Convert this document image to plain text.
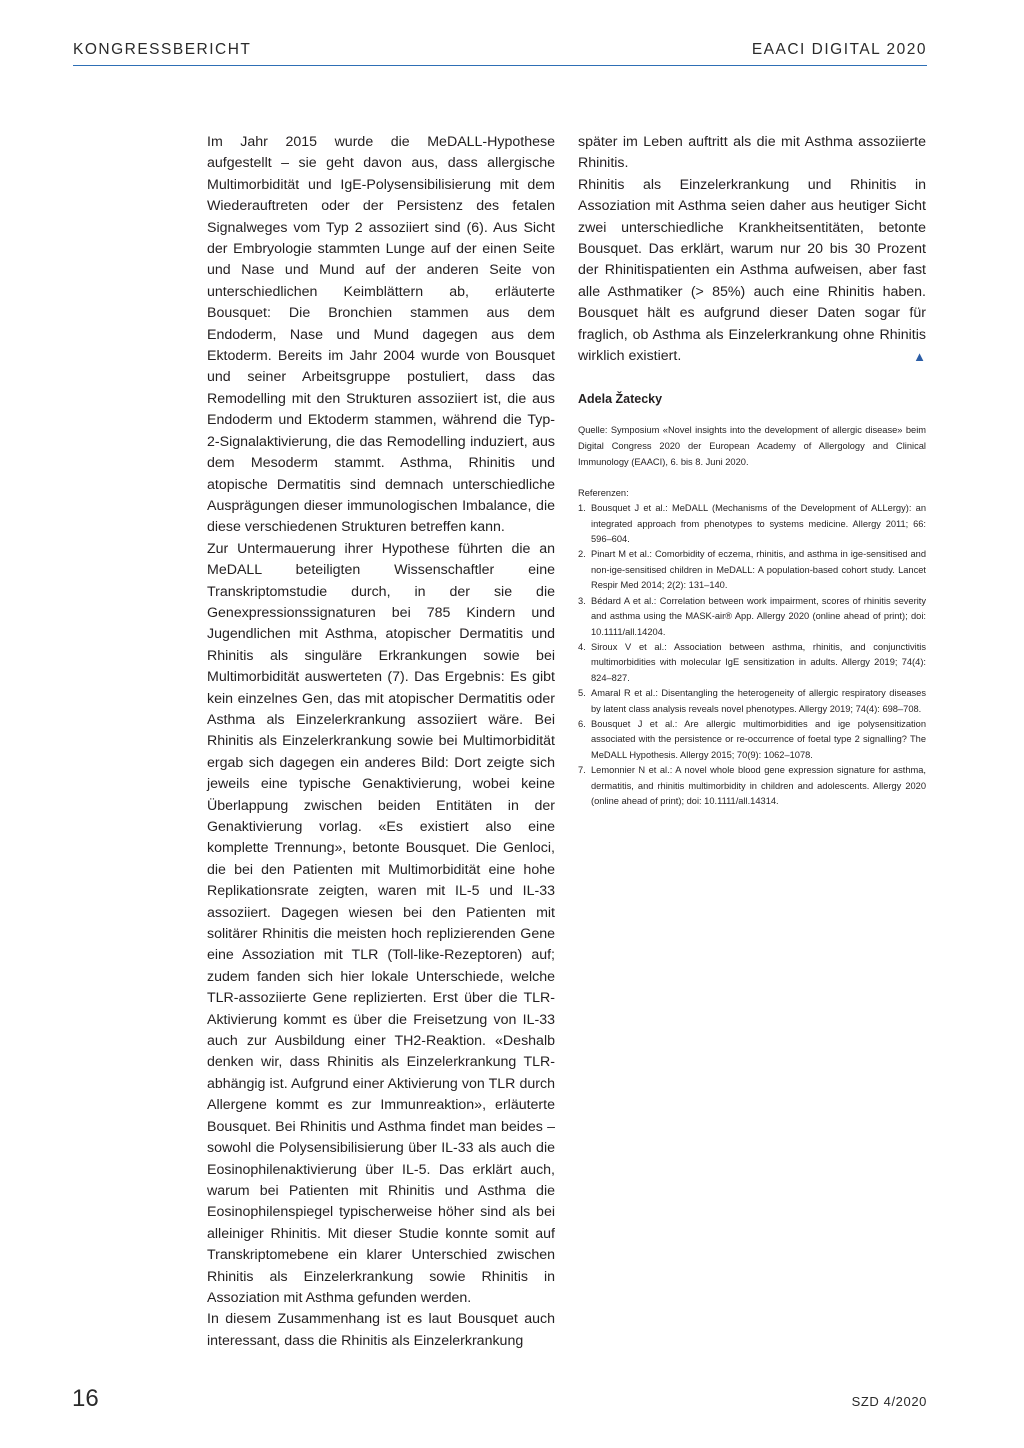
KONGRESSBERICHT	EAACI DIGITAL 2020

Im Jahr 2015 wurde die MeDALL-Hypothese aufgestellt – sie geht davon aus, dass allergische Multimorbidität und IgE-Polysensibilisierung mit dem Wiederauftreten oder der Persistenz des fetalen Signalweges vom Typ 2 assoziiert sind (6). Aus Sicht der Embryologie stammten Lunge auf der einen Seite und Nase und Mund auf der anderen Seite von unterschiedlichen Keimblättern ab, erläuterte Bousquet: Die Bronchien stammen aus dem Endoderm, Nase und Mund dagegen aus dem Ektoderm. Bereits im Jahr 2004 wurde von Bousquet und seiner Arbeitsgruppe postuliert, dass das Remodelling mit den Strukturen assoziiert ist, die aus Endoderm und Ektoderm stammen, während die Typ-2-Signalaktivierung, die das Remodelling induziert, aus dem Mesoderm stammt. Asthma, Rhinitis und atopische Dermatitis sind demnach unterschiedliche Ausprägungen dieser immunologischen Imbalance, die diese verschiedenen Strukturen betreffen kann.

Zur Untermauerung ihrer Hypothese führten die an MeDALL beteiligten Wissenschaftler eine Transkriptomstudie durch, in der sie die Genexpressionssignaturen bei 785 Kindern und Jugendlichen mit Asthma, atopischer Dermatitis und Rhinitis als singuläre Erkrankungen sowie bei Multimorbidität auswerteten (7). Das Ergebnis: Es gibt kein einzelnes Gen, das mit atopischer Dermatitis oder Asthma als Einzelerkrankung assoziiert wäre. Bei Rhinitis als Einzelerkrankung sowie bei Multimorbidität ergab sich dagegen ein anderes Bild: Dort zeigte sich jeweils eine typische Genaktivierung, wobei keine Überlappung zwischen beiden Entitäten in der Genaktivierung vorlag. «Es existiert also eine komplette Trennung», betonte Bousquet. Die Genloci, die bei den Patienten mit Multimorbidität eine hohe Replikationsrate zeigten, waren mit IL-5 und IL-33 assoziiert. Dagegen wiesen bei den Patienten mit solitärer Rhinitis die meisten hoch replizierenden Gene eine Assoziation mit TLR (Toll-like-Rezeptoren) auf; zudem fanden sich hier lokale Unterschiede, welche TLR-assoziierte Gene replizierten. Erst über die TLR-Aktivierung kommt es über die Freisetzung von IL-33 auch zur Ausbildung einer TH2-Reaktion. «Deshalb denken wir, dass Rhinitis als Einzelerkrankung TLR-abhängig ist. Aufgrund einer Aktivierung von TLR durch Allergene kommt es zur Immunreaktion», erläuterte Bousquet. Bei Rhinitis und Asthma findet man beides – sowohl die Polysensibilisierung über IL-33 als auch die Eosinophilenaktivierung über IL-5. Das erklärt auch, warum bei Patienten mit Rhinitis und Asthma die Eosinophilenspiegel typischerweise höher sind als bei alleiniger Rhinitis. Mit dieser Studie konnte somit auf Transkriptomebene ein klarer Unterschied zwischen Rhinitis als Einzelerkrankung sowie Rhinitis in Assoziation mit Asthma gefunden werden.

In diesem Zusammenhang ist es laut Bousquet auch interessant, dass die Rhinitis als Einzelerkrankung

später im Leben auftritt als die mit Asthma assoziierte Rhinitis.

Rhinitis als Einzelerkrankung und Rhinitis in Assoziation mit Asthma seien daher aus heutiger Sicht zwei unterschiedliche Krankheitsentitäten, betonte Bousquet. Das erklärt, warum nur 20 bis 30 Prozent der Rhinitispatienten ein Asthma aufweisen, aber fast alle Asthmatiker (> 85%) auch eine Rhinitis haben. Bousquet hält es aufgrund dieser Daten sogar für fraglich, ob Asthma als Einzelerkrankung ohne Rhinitis wirklich existiert.	▲

Adela Žatecky
Quelle: Symposium «Novel insights into the development of allergic disease» beim Digital Congress 2020 der European Academy of Allergology and Clinical Immunology (EAACI), 6. bis 8. Juni 2020.
Referenzen:
1. Bousquet J et al.: MeDALL (Mechanisms of the Development of ALLergy): an integrated approach from phenotypes to systems medicine. Allergy 2011; 66: 596–604.
2. Pinart M et al.: Comorbidity of eczema, rhinitis, and asthma in ige-sensitised and non-ige-sensitised children in MeDALL: A population-based cohort study. Lancet Respir Med 2014; 2(2): 131–140.
3. Bédard A et al.: Correlation between work impairment, scores of rhinitis severity and asthma using the MASK-air® App. Allergy 2020 (online ahead of print); doi: 10.1111/all.14204.
4. Siroux V et al.: Association between asthma, rhinitis, and conjunctivitis multimorbidities with molecular IgE sensitization in adults. Allergy 2019; 74(4): 824–827.
5. Amaral R et al.: Disentangling the heterogeneity of allergic respiratory diseases by latent class analysis reveals novel phenotypes. Allergy 2019; 74(4): 698–708.
6. Bousquet J et al.: Are allergic multimorbidities and ige polysensitization associated with the persistence or re-occurrence of foetal type 2 signalling? The MeDALL Hypothesis. Allergy 2015; 70(9): 1062–1078.
7. Lemonnier N et al.: A novel whole blood gene expression signature for asthma, dermatitis, and rhinitis multimorbidity in children and adolescents. Allergy 2020 (online ahead of print); doi: 10.1111/all.14314.
16	SZD 4/2020
